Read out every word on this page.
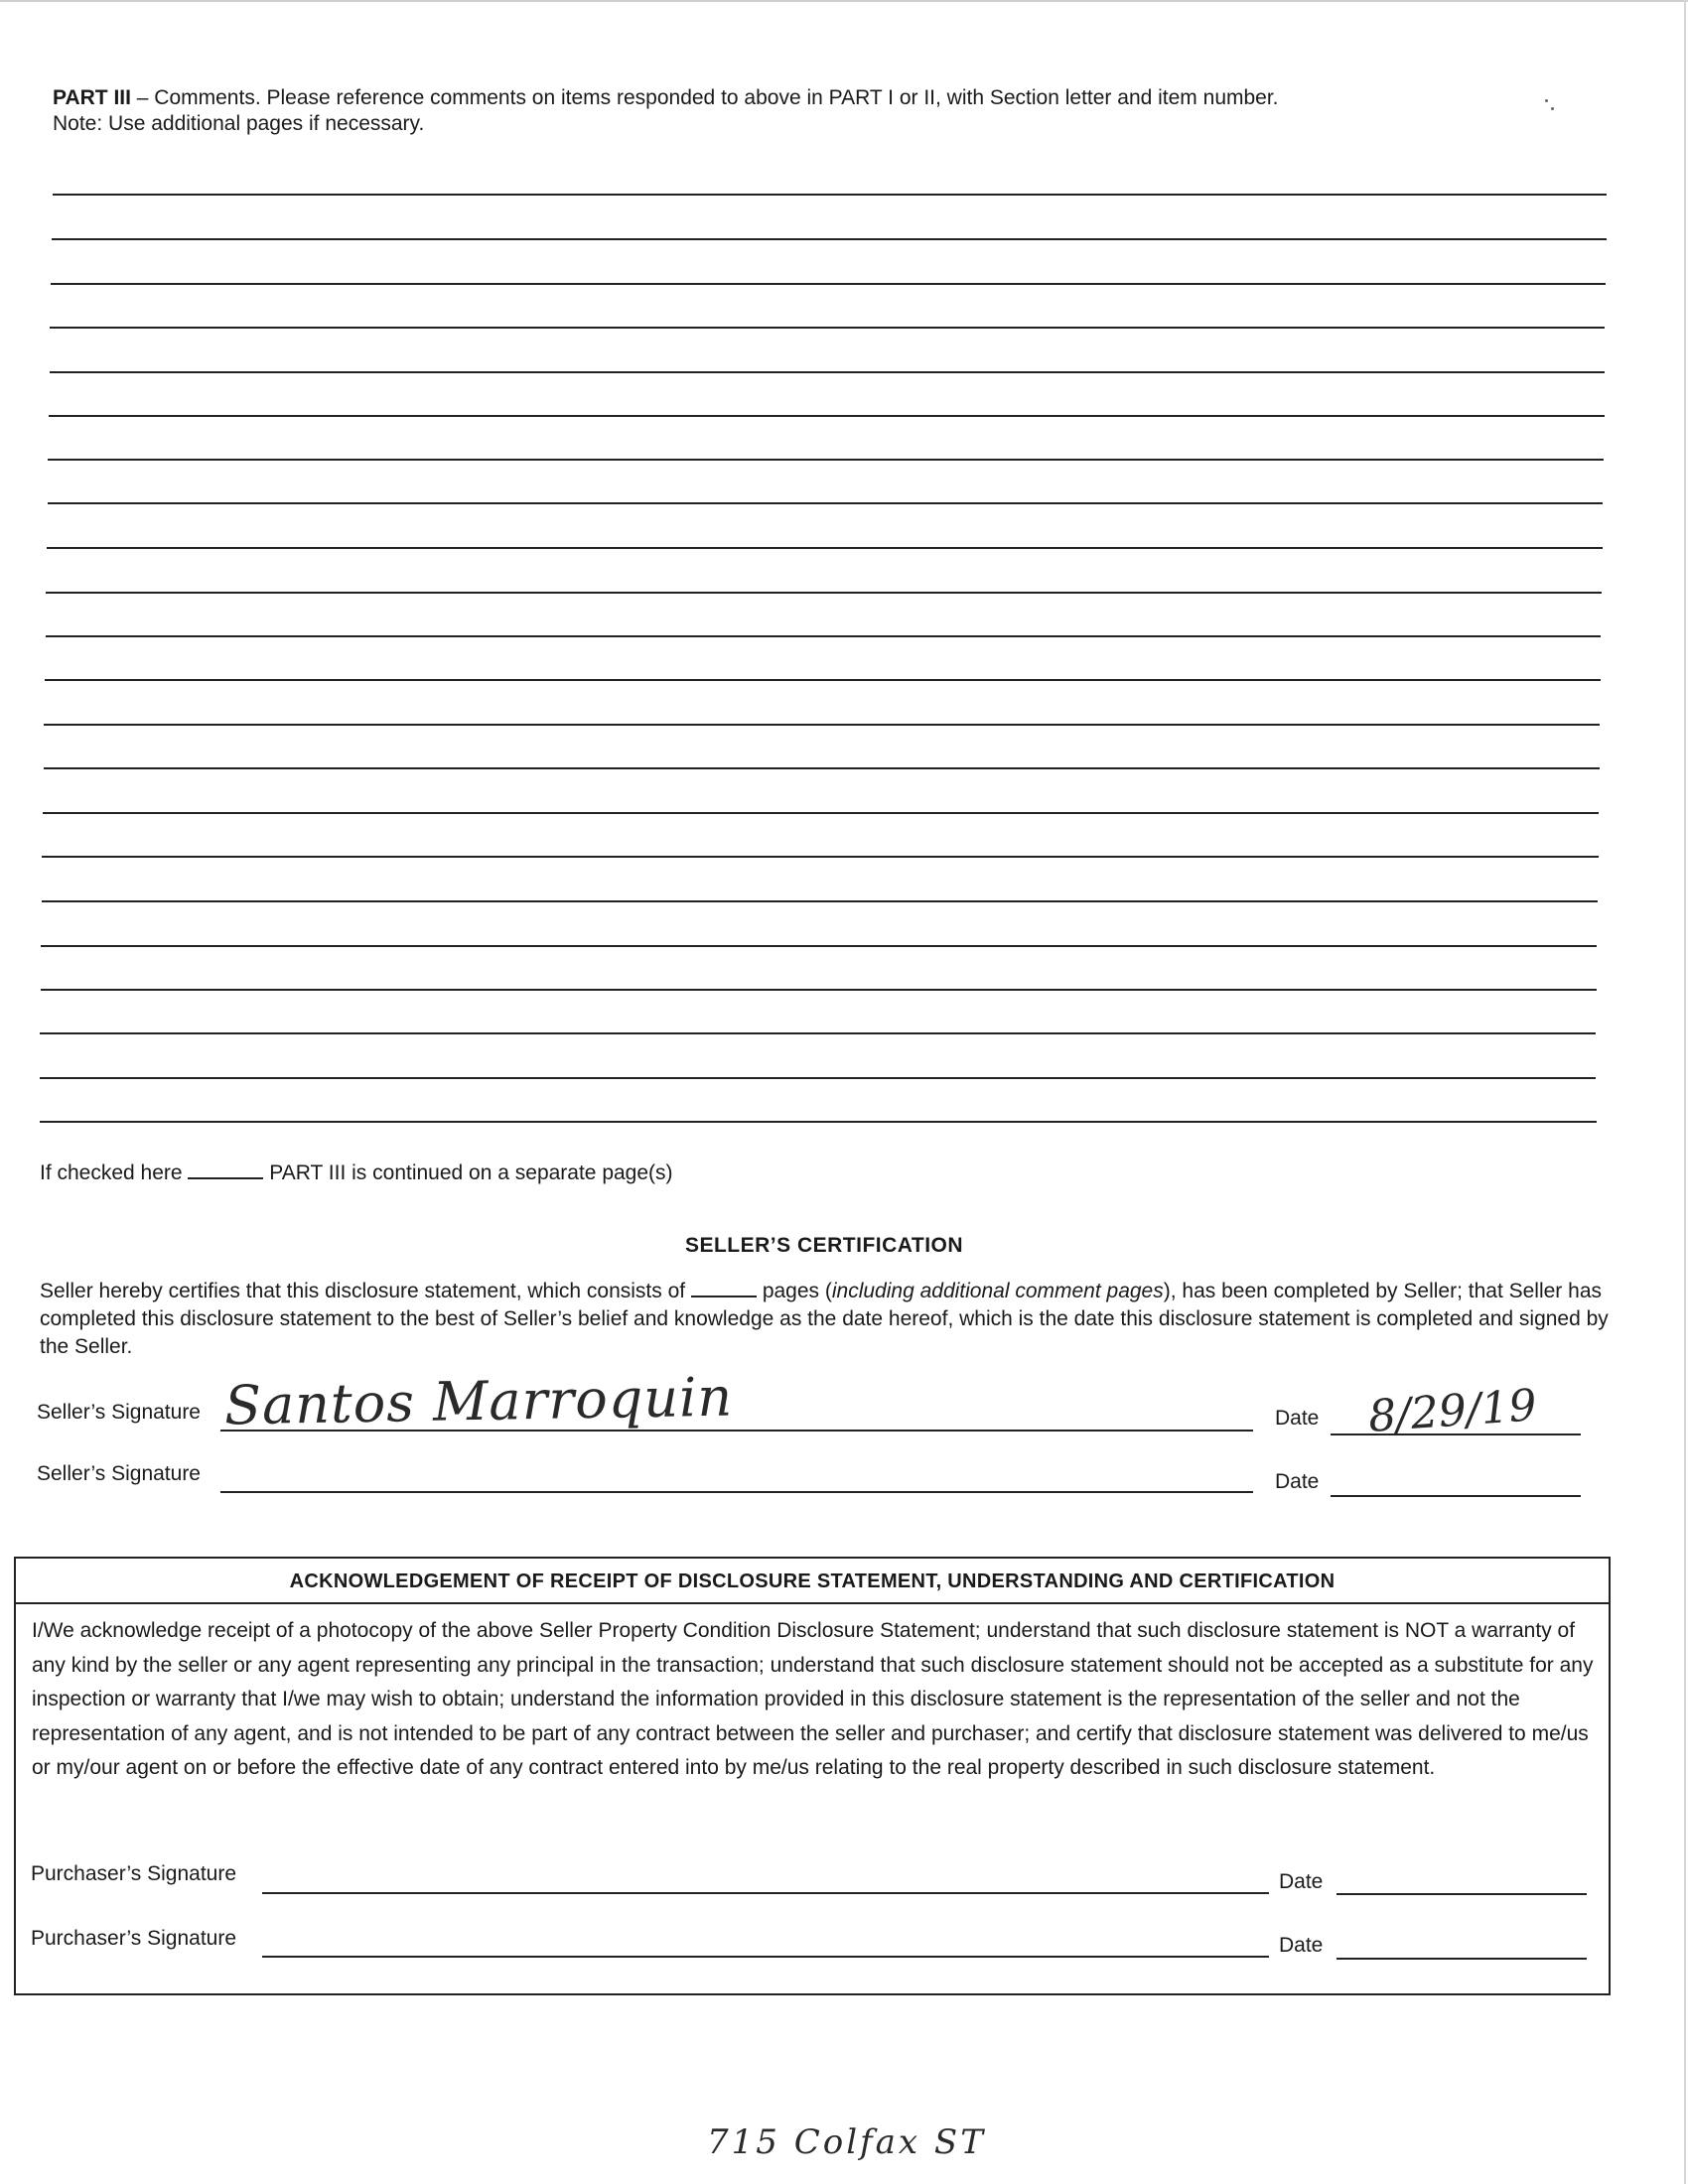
PART III – Comments. Please reference comments on items responded to above in PART I or II, with Section letter and item number.
Note: Use additional pages if necessary.
If checked here	PART III is continued on a separate page(s)
SELLER’S CERTIFICATION
Seller hereby certifies that this disclosure statement, which consists of	pages (including additional comment pages), has been completed by Seller; that Seller has completed this disclosure statement to the best of Seller’s belief and knowledge as the date hereof, which is the date this disclosure statement is completed and signed by the Seller.
Seller’s Signature Santos Marroquin	Date 8/29/19
Seller’s Signature	Date
ACKNOWLEDGEMENT OF RECEIPT OF DISCLOSURE STATEMENT, UNDERSTANDING AND CERTIFICATION
I/We acknowledge receipt of a photocopy of the above Seller Property Condition Disclosure Statement; understand that such disclosure statement is NOT a warranty of any kind by the seller or any agent representing any principal in the transaction; understand that such disclosure statement should not be accepted as a substitute for any inspection or warranty that I/we may wish to obtain; understand the information provided in this disclosure statement is the representation of the seller and not the representation of any agent, and is not intended to be part of any contract between the seller and purchaser; and certify that disclosure statement was delivered to me/us or my/our agent on or before the effective date of any contract entered into by me/us relating to the real property described in such disclosure statement.
Purchaser’s Signature	Date
Purchaser’s Signature	Date
715 Colfax ST
